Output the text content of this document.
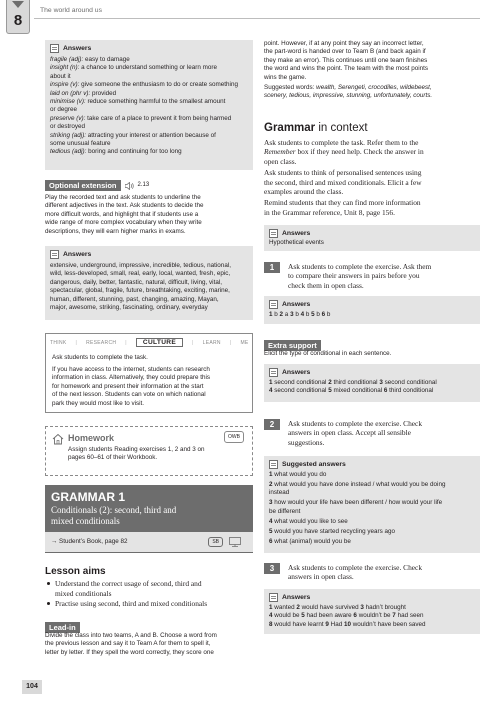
8
The world around us
Answers
fragile (adj): easy to damage
insight (n): a chance to understand something or learn more
about it
inspire (v): give someone the enthusiasm to do or create something
laid on (phr v): provided
minimise (v): reduce something harmful to the smallest amount
or degree
preserve (v): take care of a place to prevent it from being harmed
or destroyed
striking (adj): attracting your interest or attention because of
some unusual feature
tedious (adj): boring and continuing for too long
Optional extension	2.13
Play the recorded text and ask students to underline the
different adjectives in the text. Ask students to decide the
more difficult words, and highlight that if students use a
wide range of more complex vocabulary when they write
descriptions, they will earn higher marks in exams.
Answers
extensive, underground, impressive, incredible, tedious, national,
wild, less-developed, small, real, early, local, wanted, fresh, epic,
dangerous, daily, better, fantastic, natural, difficult, living, vital,
spectacular, global, fragile, future, breathtaking, exciting, marine,
human, different, stunning, past, changing, amazing, Mayan,
major, awesome, striking, fascinating, ordinary, everyday
THINK | RESEARCH |	CULTURE	| LEARN | ME
Ask students to complete the task.
If you have access to the internet, students can research
information in class. Alternatively, they could prepare this
for homework and present their information at the start
of the next lesson. Students can vote on which national
park they would most like to visit.
Homework	OWB
Assign students Reading exercises 1, 2 and 3 on
pages 60–61 of their Workbook.
GRAMMAR 1
Conditionals (2): second, third and
mixed conditionals
→ Student’s Book, page 82	SB
Lesson aims
Understand the correct usage of second, third and
mixed conditionals
Practise using second, third and mixed conditionals
Lead-in
Divide the class into two teams, A and B. Choose a word from
the previous lesson and say it to Team A for them to spell it,
letter by letter. If they spell the word correctly, they score one
104
point. However, if at any point they say an incorrect letter,
the part-word is handed over to Team B (and back again if
they make an error). This continues until one team finishes
the word and wins the point. The team with the most points
wins the game.
Suggested words: wealth, Serengeti, crocodiles, wildebeest,
scenery, tedious, impressive, stunning, unfortunately, courts.
Grammar in context
Ask students to complete the task. Refer them to the
Remember box if they need help. Check the answer in
open class.
Ask students to think of personalised sentences using
the second, third and mixed conditionals. Elicit a few
examples around the class.
Remind students that they can find more information
in the Grammar reference, Unit 8, page 156.
Answers
Hypothetical events
1	Ask students to complete the exercise. Ask them
to compare their answers in pairs before you
check them in open class.
Answers
1 b 2 a 3 b 4 b 5 b 6 b
Extra support
Elicit the type of conditional in each sentence.
Answers
1 second conditional 2 third conditional 3 second conditional
4 second conditional 5 mixed conditional 6 third conditional
2	Ask students to complete the exercise. Check
answers in open class. Accept all sensible
suggestions.
Suggested answers
1 what would you do
2 what would you have done instead / what would you be doing
instead
3 how would your life have been different / how would your life
be different
4 what would you like to see
5 would you have started recycling years ago
6 what (animal) would you be
3	Ask students to complete the exercise. Check
answers in open class.
Answers
1 wanted 2 would have survived 3 hadn’t brought
4 would be 5 had been aware 6 wouldn’t be 7 had seen
8 would have learnt 9 Had 10 wouldn’t have been saved
